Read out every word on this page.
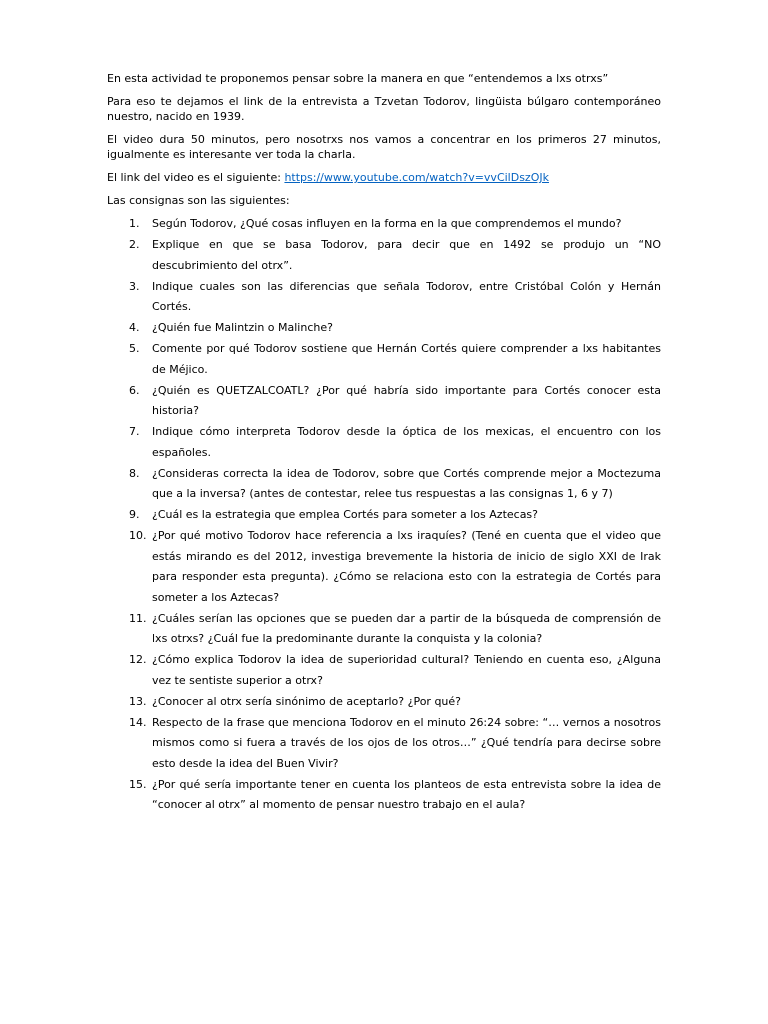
En esta actividad te proponemos pensar sobre la manera en que “entendemos a lxs otrxs”

Para eso te dejamos el link de la entrevista a Tzvetan Todorov, lingüista búlgaro contemporáneo nuestro, nacido en 1939.

El video dura 50 minutos, pero nosotrxs nos vamos a concentrar en los primeros 27 minutos, igualmente es interesante ver toda la charla.

El link del video es el siguiente: https://www.youtube.com/watch?v=vvCilDszOJk

Las consignas son las siguientes:

1. Según Todorov, ¿Qué cosas influyen en la forma en la que comprendemos el mundo?
2. Explique en que se basa Todorov, para decir que en 1492 se produjo un “NO descubrimiento del otrx”.
3. Indique cuales son las diferencias que señala Todorov, entre Cristóbal Colón y Hernán Cortés.
4. ¿Quién fue Malintzin o Malinche?
5. Comente por qué Todorov sostiene que Hernán Cortés quiere comprender a lxs habitantes de Méjico.
6. ¿Quién es QUETZALCOATL? ¿Por qué habría sido importante para Cortés conocer esta historia?
7. Indique cómo interpreta Todorov desde la óptica de los mexicas, el encuentro con los españoles.
8. ¿Consideras correcta la idea de Todorov, sobre que Cortés comprende mejor a Moctezuma que a la inversa? (antes de contestar, relee tus respuestas a las consignas 1, 6 y 7)
9. ¿Cuál es la estrategia que emplea Cortés para someter a los Aztecas?
10. ¿Por qué motivo Todorov hace referencia a lxs iraquíes? (Tené en cuenta que el video que estás mirando es del 2012, investiga brevemente la historia de inicio de siglo XXI de Irak para responder esta pregunta). ¿Cómo se relaciona esto con la estrategia de Cortés para someter a los Aztecas?
11. ¿Cuáles serían las opciones que se pueden dar a partir de la búsqueda de comprensión de lxs otrxs? ¿Cuál fue la predominante durante la conquista y la colonia?
12. ¿Cómo explica Todorov la idea de superioridad cultural? Teniendo en cuenta eso, ¿Alguna vez te sentiste superior a otrx?
13. ¿Conocer al otrx sería sinónimo de aceptarlo? ¿Por qué?
14. Respecto de la frase que menciona Todorov en el minuto 26:24 sobre: “… vernos a nosotros mismos como si fuera a través de los ojos de los otros…” ¿Qué tendría para decirse sobre esto desde la idea del Buen Vivir?
15. ¿Por qué sería importante tener en cuenta los planteos de esta entrevista sobre la idea de “conocer al otrx” al momento de pensar nuestro trabajo en el aula?
